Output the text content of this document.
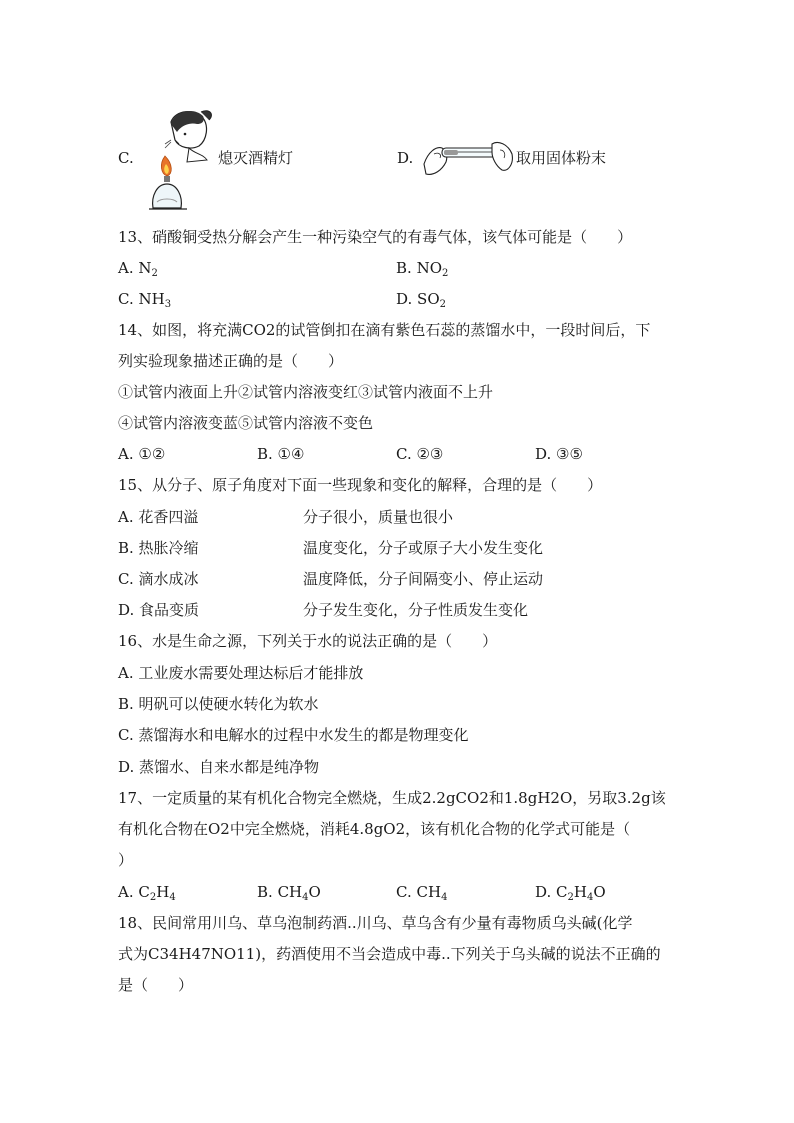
C.	熄灭酒精灯	D.	取用固体粉末
13、硝酸铜受热分解会产生一种污染空气的有毒气体，该气体可能是（　　）
A. $N_2$	B. $NO_2$
C. $NH_3$	D. $SO_2$
14、如图，将充满CO2的试管倒扣在滴有紫色石蕊的蒸馏水中，一段时间后，下
列实验现象描述正确的是（　　）
①试管内液面上升②试管内溶液变红③试管内液面不上升
④试管内溶液变蓝⑤试管内溶液不变色
A. ①②	B. ①④	C. ②③	D. ③⑤
15、从分子、原子角度对下面一些现象和变化的解释，合理的是（　　）
A. 花香四溢	分子很小，质量也很小
B. 热胀冷缩	温度变化，分子或原子大小发生变化
C. 滴水成冰	温度降低，分子间隔变小、停止运动
D. 食品变质	分子发生变化，分子性质发生变化
16、水是生命之源，下列关于水的说法正确的是（　　）
A. 工业废水需要处理达标后才能排放
B. 明矾可以使硬水转化为软水
C. 蒸馏海水和电解水的过程中水发生的都是物理变化
D. 蒸馏水、自来水都是纯净物
17、一定质量的某有机化合物完全燃烧，生成2.2gCO2和1.8gH2O，另取3.2g该
有机化合物在O2中完全燃烧，消耗4.8gO2，该有机化合物的化学式可能是（
）
A. $C_2H_4$	B. $CH_4O$	C. $CH_4$	D. $C_2H_4O$
18、民间常用川乌、草乌泡制药酒..川乌、草乌含有少量有毒物质乌头碱(化学
式为C34H47NO11)，药酒使用不当会造成中毒..下列关于乌头碱的说法不正确的
是（　　）
